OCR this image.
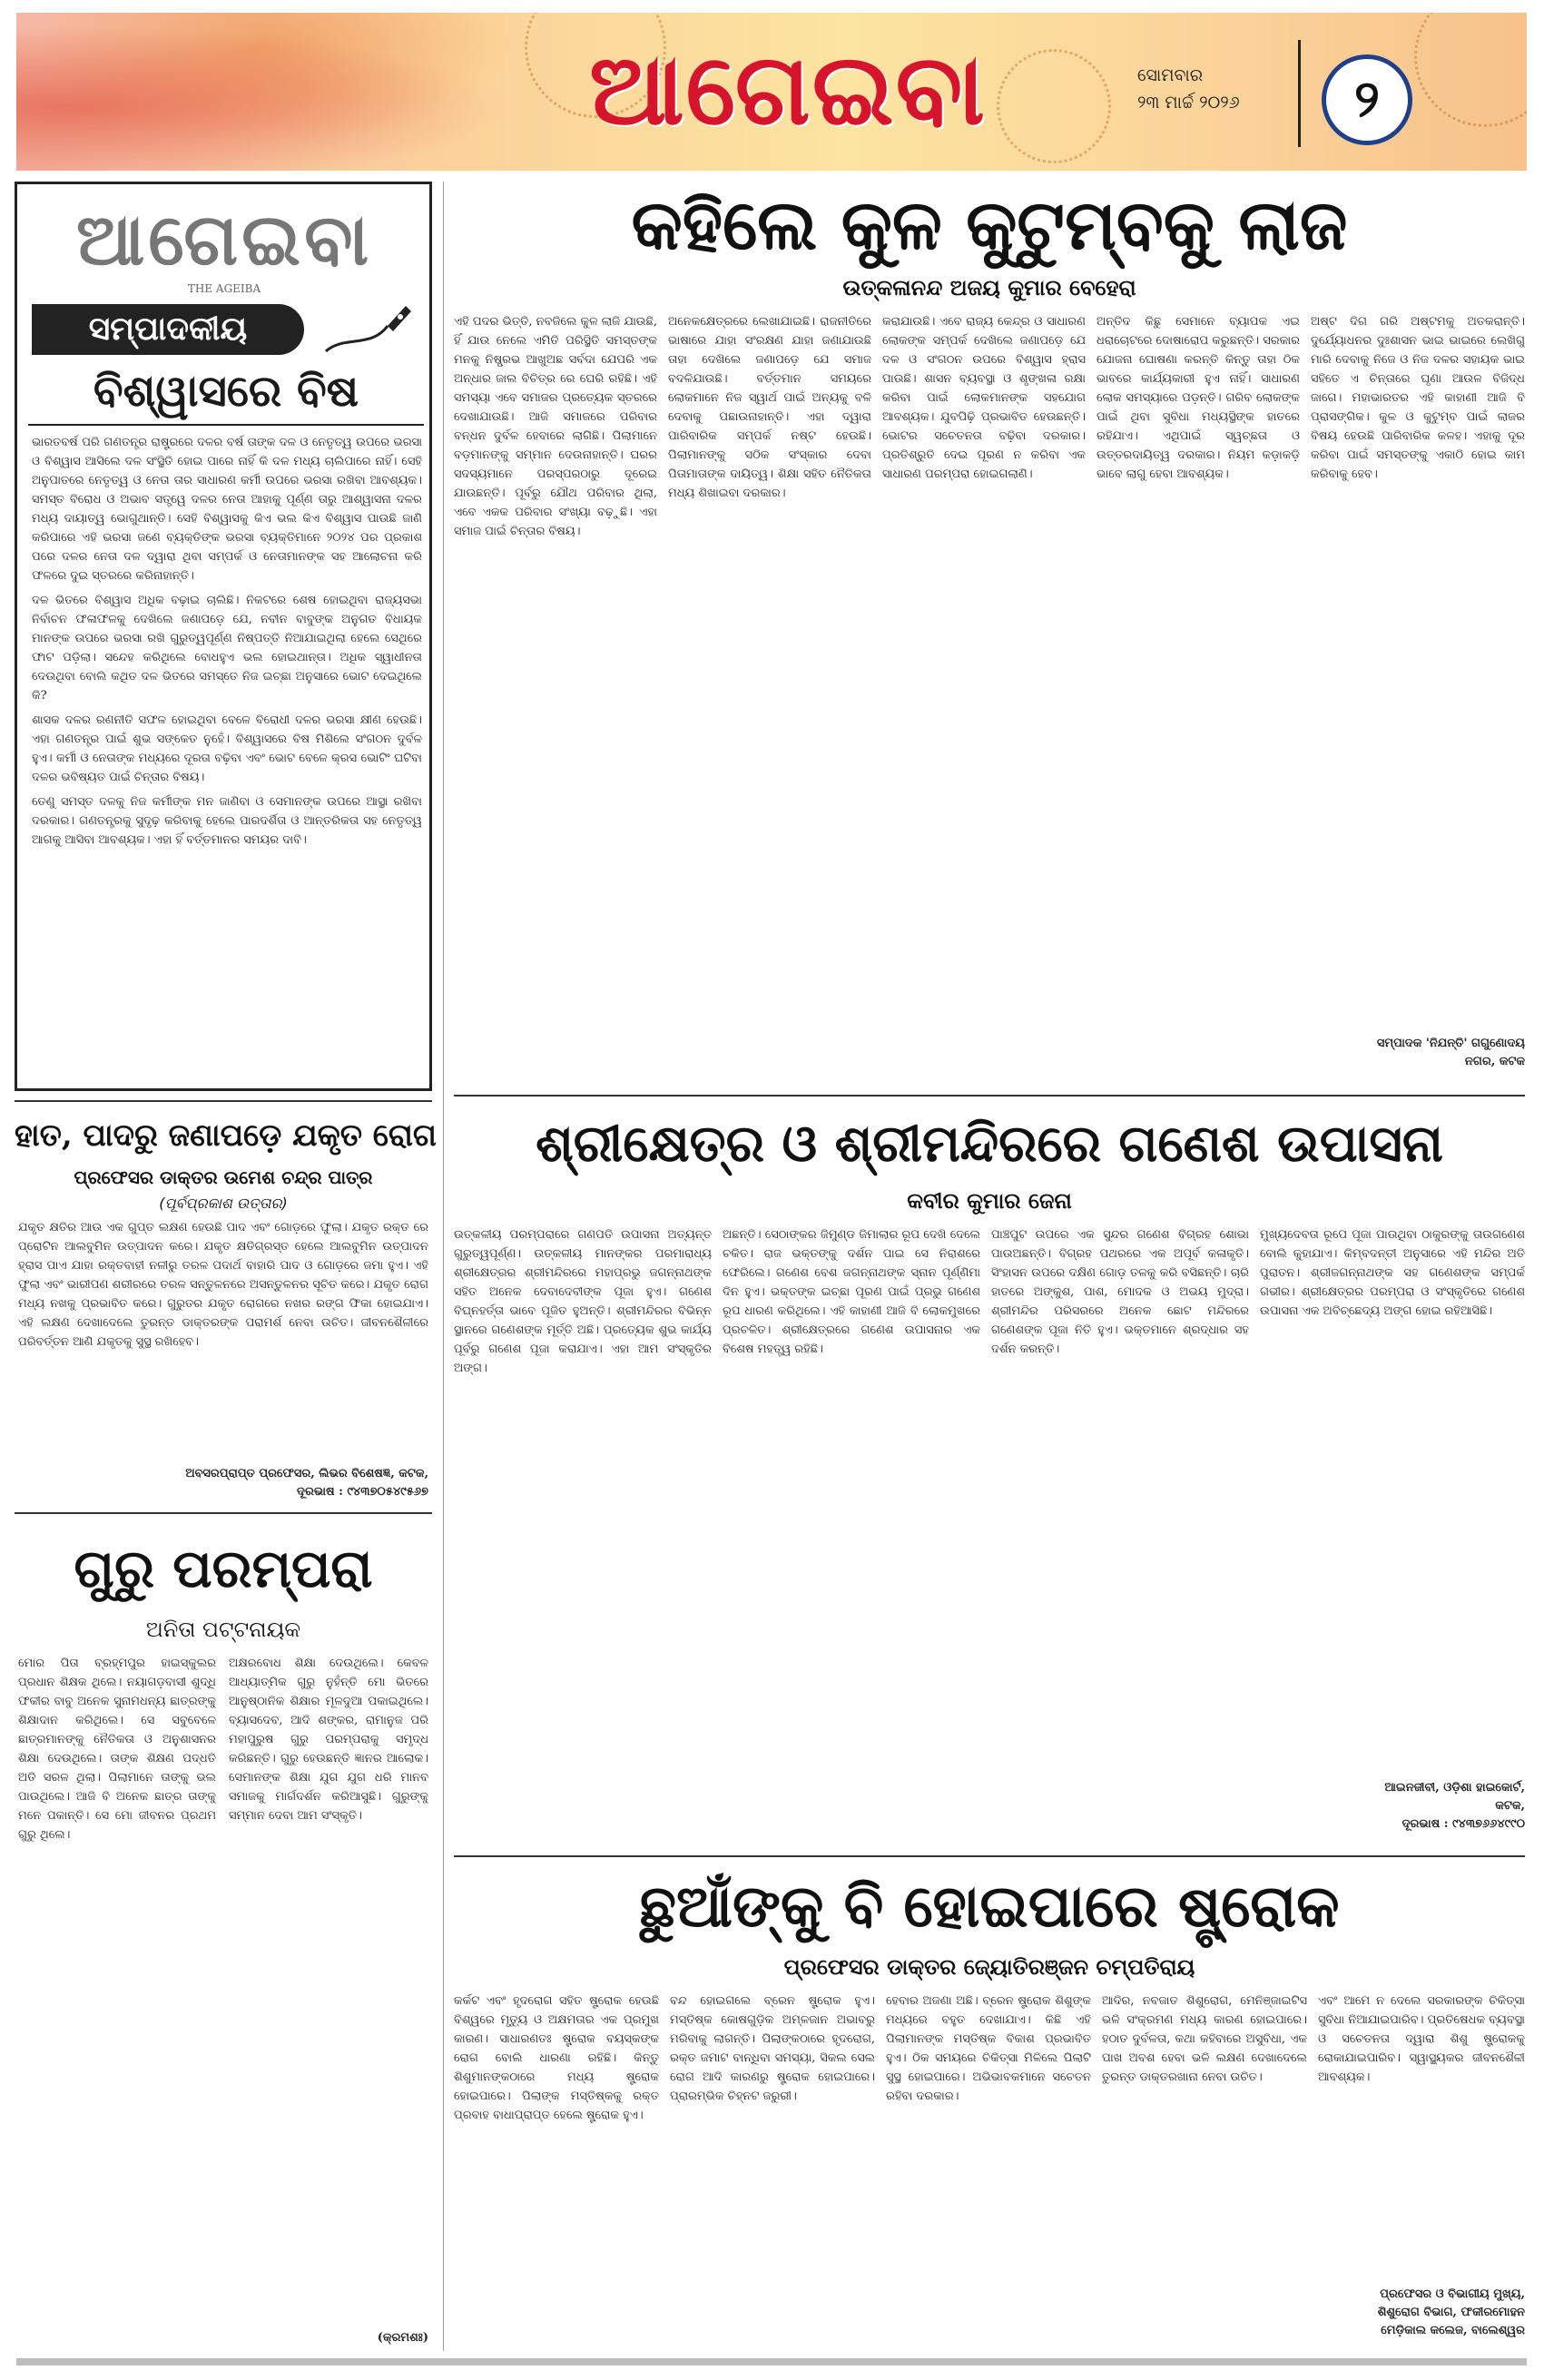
ଆଗେଇବା	ସୋମବାର
୨୩ ମାର୍ଚ୍ଚ ୨୦୨୬	୨
ଆଗେଇବା
THE AGEIBA
ସମ୍ପାଦକୀୟ
ବିଶ୍ୱାସରେ ବିଷ

ଭାରତବର୍ଷ ପରି ଗଣତନ୍ତ୍ର ରାଷ୍ଟ୍ରରେ ଦଳର ବର୍ଷ ତାଙ୍କ ଦଳ ଓ ନେତୃତ୍ୱ ଉପରେ ଭରସା ଓ ବିଶ୍ୱାସ ଆସିଲେ ଦଳ ସଂସ୍ଥିତି ହୋଇ ପାରେ ନାହିଁ କି ଦଳ ମଧ୍ୟ ଚାଲିପାରେ ନାହିଁ। ସେହି ଅନୁପାତରେ ନେତୃତ୍ୱ ଓ ନେତା ତାର ସାଧାରଣ କର୍ମୀ ଉପରେ ଭରସା ରଖିବା ଆବଶ୍ୟକ। ସମସ୍ତ ବିରୋଧ ଓ ଅଭାବ ସତ୍ତ୍ୱେ ଦଳର ନେତା ଆହାକୁ ପୂର୍ଣ୍ଣ ତାରୁ ଆଶ୍ୱାସନା ଦଳର ମଧ୍ୟ ଦାୟାତ୍ୱ ଭୋଗୁଥାନ୍ତି। ସେହି ବିଶ୍ୱାସକୁ କିଏ ଭଲ କିଏ ବିଶ୍ୱାସ ପାଉଛି ଜାଣି କରିପାରେ ଏହି ଭରସା ଜଣେ ବ୍ୟକ୍ତିଙ୍କ ଭରସା ବ୍ୟକ୍ତିମାନେ ୨୦୨୪ ପର ପ୍ରକାଶ ପରେ ଦଳର ନେତା ଦଳ ଦ୍ୱାରା ଥିବା ସମ୍ପର୍କ ଓ ନେତାମାନଙ୍କ ସହ ଆଲୋଚନା କରି ଫଳରେ ଦୁଇ ସ୍ତରରେ କରିନାହାନ୍ତି।

ଦଳ ଭିତରେ ବିଶ୍ୱାସ ଅଧିକ ବଢ଼ାଇ ଚାଲିଛି। ନିକଟରେ ଶେଷ ହୋଇଥିବା ରାଜ୍ୟସଭା ନିର୍ବାଚନ ଫଳାଫଳକୁ ଦେଖିଲେ ଜଣାପଡ଼େ ଯେ, ନବୀନ ବାବୁଙ୍କ ଅନୁଗତ ବିଧାୟକ ମାନଙ୍କ ଉପରେ ଭରସା ରଖି ଗୁରୁତ୍ୱପୂର୍ଣ୍ଣ ନିଷ୍ପତ୍ତି ନିଆଯାଇଥିଲା ହେଲେ ସେଥିରେ ଫାଟ ପଡ଼ିଲା। ସନ୍ଦେହ କରିଥିଲେ ବୋଧହୁଏ ଭଲ ହୋଇଥାନ୍ତା। ଅଧିକ ସ୍ୱାଧୀନତା ଦେଉଥିବା ବୋଲି କଥିତ ଦଳ ଭିତରେ ସମସ୍ତେ ନିଜ ଇଚ୍ଛା ଅନୁସାରେ ଭୋଟ ଦେଇଥିଲେ କି?

ଶାସକ ଦଳର ରଣନୀତି ସଫଳ ହୋଇଥିବା ବେଳେ ବିରୋଧୀ ଦଳର ଭରସା କ୍ଷୀଣ ହେଉଛି। ଏହା ଗଣତନ୍ତ୍ର ପାଇଁ ଶୁଭ ସଙ୍କେତ ନୁହେଁ। ବିଶ୍ୱାସରେ ବିଷ ମିଶିଲେ ସଂଗଠନ ଦୁର୍ବଳ ହୁଏ। କର୍ମୀ ଓ ନେତାଙ୍କ ମଧ୍ୟରେ ଦୂରତା ବଢ଼ିବା ଏବଂ ଭୋଟ ବେଳେ କ୍ରସ ଭୋଟିଂ ଘଟିବା ଦଳର ଭବିଷ୍ୟତ ପାଇଁ ଚିନ୍ତାର ବିଷୟ।

ତେଣୁ ସମସ୍ତ ଦଳକୁ ନିଜ କର୍ମୀଙ୍କ ମନ ଜାଣିବା ଓ ସେମାନଙ୍କ ଉପରେ ଆସ୍ଥା ରଖିବା ଦରକାର। ଗଣତନ୍ତ୍ରକୁ ସୁଦୃଢ଼ କରିବାକୁ ହେଲେ ପାରଦର୍ଶିତା ଓ ଆନ୍ତରିକତା ସହ ନେତୃତ୍ୱ ଆଗକୁ ଆସିବା ଆବଶ୍ୟକ। ଏହା ହିଁ ବର୍ତ୍ତମାନର ସମୟର ଦାବି।

କହିଲେ କୁଳ କୁଟୁମ୍ବକୁ ଲାଜ
ଉତ୍କଳାନନ୍ଦ ଅଜୟ କୁମାର ବେହେରା

ଏହି ପଦର ଭିତ୍ତି, ନବଜିଲେ କୁଳ ଲାଜି ଯାଉଛି, ହିଁ ଯାଉ ନେଲେ ଏମିତି ପରିସ୍ଥିତି ସମସ୍ତଙ୍କ ମନକୁ ନିଷ୍ପ୍ରଭ ଆଖୁଅଛ ସର୍ବଦା ଯେପରି ଏକ ଅନ୍ଧାର ଜାଲ ବିଚିତ୍ର ରେ ଘେରି ରହିଛି। ଏହି ସମସ୍ୟା ଏବେ ସମାଜର ପ୍ରତ୍ୟେକ ସ୍ତରରେ ଦେଖାଯାଉଛି। ଆଜି ସମାଜରେ ପରିବାର ବନ୍ଧନ ଦୁର୍ବଳ ହେବାରେ ଲାଗିଛି। ପିଲାମାନେ ବଡ଼ମାନଙ୍କୁ ସମ୍ମାନ ଦେଉନାହାନ୍ତି। ଘରର ସଦସ୍ୟମାନେ ପରସ୍ପରଠାରୁ ଦୂରେଇ ଯାଉଛନ୍ତି। ପୂର୍ବରୁ ଯୌଥ ପରିବାର ଥିଲା, ଏବେ ଏକକ ପରିବାର ସଂଖ୍ୟା ବଢ଼ୁଛି। ଏହା ସମାଜ ପାଇଁ ଚିନ୍ତାର ବିଷୟ।

ଅନେକକ୍ଷେତ୍ରରେ ଲେଖାଯାଇଛି। ରାଜନୀତିରେ ଭାଷାରେ ଯାହା ସଂରକ୍ଷଣ ଯାହା ଜଣାଯାଉଛି ତାହା ଦେଖିଲେ ଜଣାପଡ଼େ ଯେ ସମାଜ ବଦଳିଯାଉଛି। ବର୍ତ୍ତମାନ ସମୟରେ ଲୋକମାନେ ନିଜ ସ୍ୱାର୍ଥ ପାଇଁ ଅନ୍ୟକୁ ବଳି ଦେବାକୁ ପଛାଉନାହାନ୍ତି। ଏହା ଦ୍ୱାରା ପାରିବାରିକ ସମ୍ପର୍କ ନଷ୍ଟ ହେଉଛି। ପିଲାମାନଙ୍କୁ ସଠିକ ସଂସ୍କାର ଦେବା ପିତାମାତାଙ୍କ ଦାୟିତ୍ୱ। ଶିକ୍ଷା ସହିତ ନୈତିକତା ମଧ୍ୟ ଶିଖାଇବା ଦରକାର।

କରାଯାଉଛି। ଏବେ ରାଜ୍ୟ କେନ୍ଦ୍ର ଓ ସାଧାରଣ ଲୋକଙ୍କ ସମ୍ପର୍କ ଦେଖିଲେ ଜଣାପଡ଼େ ଯେ ଦଳ ଓ ସଂଗଠନ ଉପରେ ବିଶ୍ୱାସ ହ୍ରାସ ପାଉଛି। ଶାସନ ବ୍ୟବସ୍ଥା ଓ ଶୃଙ୍ଖଳା ରକ୍ଷା କରିବା ପାଇଁ ଲୋକମାନଙ୍କ ସହଯୋଗ ଆବଶ୍ୟକ। ଯୁବପିଢ଼ି ପ୍ରଭାବିତ ହେଉଛନ୍ତି। ଭୋଟର ସଚେତନତା ବଢ଼ିବା ଦରକାର। ପ୍ରତିଶ୍ରୁତି ଦେଇ ପୂରଣ ନ କରିବା ଏକ ସାଧାରଣ ପରମ୍ପରା ହୋଇଗଲାଣି।

ଅନ୍ତିଦ କିଛୁ ସେମାନେ ବ୍ୟାପକ ଏଇ ଧରାଚୋଟରେ ଦୋଷାରୋପ କରୁଛନ୍ତି। ସରକାର ଯୋଜନା ଘୋଷଣା କରନ୍ତି କିନ୍ତୁ ତାହା ଠିକ ଭାବରେ କାର୍ଯ୍ୟକାରୀ ହୁଏ ନାହିଁ। ସାଧାରଣ ଲୋକ ସମସ୍ୟାରେ ପଡ଼ନ୍ତି। ଗରିବ ଲୋକଙ୍କ ପାଇଁ ଥିବା ସୁବିଧା ମଧ୍ୟସ୍ଥିଙ୍କ ହାତରେ ରହିଯାଏ। ଏଥିପାଇଁ ସ୍ୱଚ୍ଛତା ଓ ଉତ୍ତରଦାୟିତ୍ୱ ଦରକାର। ନିୟମ କଡ଼ାକଡ଼ି ଭାବେ ଲାଗୁ ହେବା ଆବଶ୍ୟକ।

ଅଷ୍ଟ ଦିଗ ଗରି ଅଷ୍ଟମକୁ ଅତକରାନ୍ତି। ଦୁର୍ଯ୍ୟୋଧନର ଦୁଃଶାସନ ଭାଇ ଭାଇରେ ଲେଖିଗୁ ମାରି ଦେବାକୁ ନିଜେ ଓ ନିଜ ଦଳର ସହାୟକ ଭାଇ ସହିତେ ଏ ଚିନ୍ତାରେ ଘୃଣା ଆଉଳ ବିଜିଦ୍ଧ ଜାଗେ। ମହାଭାରତର ଏହି କାହାଣୀ ଆଜି ବି ପ୍ରାସଙ୍ଗିକ। କୁଳ ଓ କୁଟୁମ୍ବ ପାଇଁ ଲାଜର ବିଷୟ ହେଉଛି ପାରିବାରିକ କଳହ। ଏହାକୁ ଦୂର କରିବା ପାଇଁ ସମସ୍ତଙ୍କୁ ଏକାଠି ହୋଇ କାମ କରିବାକୁ ହେବ।

ସମ୍ପାଦକ 'ନିଯନ୍ତି' ଗଗୁଣୋଦୟ
ନଗର, କଟକ
ହାତ, ପାଦରୁ ଜଣାପଡ଼େ ଯକୃତ ରୋଗ
ପ୍ରଫେସର ଡାକ୍ତର ଉମେଶ ଚନ୍ଦ୍ର ପାତ୍ର
(ପୂର୍ବପ୍ରକାଶ ଉତ୍ତାର)

ଯକୃତ କ୍ଷତିର ଆଉ ଏକ ଗୁପ୍ତ ଲକ୍ଷଣ ହେଉଛି ପାଦ ଏବଂ ଗୋଡ଼ରେ ଫୁଲା। ଯକୃତ ରକ୍ତ ରେ ପ୍ରୋଟିନ ଆଲବୁମିନ ଉତ୍ପାଦନ କରେ। ଯକୃତ କ୍ଷତିଗ୍ରସ୍ତ ହେଲେ ଆଲବୁମିନ ଉତ୍ପାଦନ ହ୍ରାସ ପାଏ ଯାହା ରକ୍ତବାହୀ ନଳୀରୁ ତରଳ ପଦାର୍ଥ ବାହାରି ପାଦ ଓ ଗୋଡ଼ରେ ଜମା ହୁଏ। ଏହି ଫୁଲା ଏବଂ ଭାରୀପଣ ଶରୀରରେ ତରଳ ସନ୍ତୁଳନରେ ଅସନ୍ତୁଳନର ସୂଚିତ କରେ। ଯକୃତ ରୋଗ ମଧ୍ୟ ନଖକୁ ପ୍ରଭାବିତ କରେ। ଗୁରୁତର ଯକୃତ ରୋଗରେ ନଖର ରଙ୍ଗ ଫିକା ହୋଇଯାଏ। ଏହି ଲକ୍ଷଣ ଦେଖାଦେଲେ ତୁରନ୍ତ ଡାକ୍ତରଙ୍କ ପରାମର୍ଶ ନେବା ଉଚିତ। ଜୀବନଶୈଳୀରେ ପରିବର୍ତ୍ତନ ଆଣି ଯକୃତକୁ ସୁସ୍ଥ ରଖିହେବ।

ଅବସରପ୍ରାପ୍ତ ପ୍ରଫେସର, ଲିଭର ବିଶେଷଜ୍ଞ, କଟକ,
ଦୂରଭାଷ : ୯୪୩୭୦୫୪୯୫୬୭
ଗୁରୁ ପରମ୍ପରା
ଅନିତା ପଟ୍ଟନାୟକ

ମୋର ପିତା ବ୍ରହ୍ମପୁର ହାଇସ୍କୁଲର ପ୍ରଧାନ ଶିକ୍ଷକ ଥିଲେ। ନୟାଗଡ଼ବାସୀ ଶୁଦ୍ଧି ଫକୀର ବାବୁ ଅନେକ ସୁନାମଧନ୍ୟ ଛାତ୍ରଙ୍କୁ ଶିକ୍ଷାଦାନ କରିଥିଲେ। ସେ ସବୁବେଳେ ଛାତ୍ରମାନଙ୍କୁ ନୈତିକତା ଓ ଅନୁଶାସନର ଶିକ୍ଷା ଦେଉଥିଲେ। ତାଙ୍କ ଶିକ୍ଷଣ ପଦ୍ଧତି ଅତି ସରଳ ଥିଲା। ପିଲାମାନେ ତାଙ୍କୁ ଭଲ ପାଉଥିଲେ। ଆଜି ବି ଅନେକ ଛାତ୍ର ତାଙ୍କୁ ମନେ ପକାନ୍ତି। ସେ ମୋ ଜୀବନର ପ୍ରଥମ ଗୁରୁ ଥିଲେ।

ଅକ୍ଷରବୋଧ ଶିକ୍ଷା ଦେଉଥିଲେ। କେବଳ ଆଧ୍ୟାତ୍ମିକ ଗୁରୁ ନୁହଁନ୍ତି ମୋ ଭିତରେ ଆନୁଷ୍ଠାନିକ ଶିକ୍ଷାର ମୂଳଦୁଆ ପକାଇଥିଲେ। ବ୍ୟାସଦେବ, ଆଦି ଶଙ୍କର, ରାମାନୁଜ ପରି ମହାପୁରୁଷ ଗୁରୁ ପରମ୍ପରାକୁ ସମୃଦ୍ଧ କରିଛନ୍ତି। ଗୁରୁ ହେଉଛନ୍ତି ଜ୍ଞାନର ଆଲୋକ। ସେମାନଙ୍କ ଶିକ୍ଷା ଯୁଗ ଯୁଗ ଧରି ମାନବ ସମାଜକୁ ମାର୍ଗଦର୍ଶନ କରିଆସୁଛି। ଗୁରୁଙ୍କୁ ସମ୍ମାନ ଦେବା ଆମ ସଂସ୍କୃତି।

(କ୍ରମଶଃ)
ଶ୍ରୀକ୍ଷେତ୍ର ଓ ଶ୍ରୀମନ୍ଦିରରେ ଗଣେଶ ଉପାସନା
କବୀର କୁମାର ଜେନା

ଉତ୍କଳୀୟ ପରମ୍ପରାରେ ଗଣପତି ଉପାସନା ଅତ୍ୟନ୍ତ ଗୁରୁତ୍ୱପୂର୍ଣ୍ଣ। ଉତ୍କଳୀୟ ମାନଙ୍କର ପରମାରାଧ୍ୟ ଶ୍ରୀକ୍ଷେତ୍ରର ଶ୍ରୀମନ୍ଦିରରେ ମହାପ୍ରଭୁ ଜଗନ୍ନାଥଙ୍କ ସହିତ ଅନେକ ଦେବାଦେବୀଙ୍କ ପୂଜା ହୁଏ। ଗଣେଶ ବିଘ୍ନହର୍ତ୍ତା ଭାବେ ପୂଜିତ ହୁଅନ୍ତି। ଶ୍ରୀମନ୍ଦିରର ବିଭିନ୍ନ ସ୍ଥାନରେ ଗଣେଶଙ୍କ ମୂର୍ତ୍ତି ଅଛି। ପ୍ରତ୍ୟେକ ଶୁଭ କାର୍ଯ୍ୟ ପୂର୍ବରୁ ଗଣେଶ ପୂଜା କରାଯାଏ। ଏହା ଆମ ସଂସ୍କୃତିର ଅଙ୍ଗ।

ଅଛନ୍ତି। ସେଠାଙ୍କର ଜିମୁଣ୍ଡ ଜିମାଲାର ରୂପ ଦେଖି ଦେଲେ ଚକିତ। ରାଜ ଭକ୍ତଙ୍କୁ ଦର୍ଶନ ପାଇ ସେ ନିରାଶରେ ଫେରିଲେ। ଗଣେଶ ବେଶ ଜଗନ୍ନାଥଙ୍କ ସ୍ନାନ ପୂର୍ଣ୍ଣିମା ଦିନ ହୁଏ। ଭକ୍ତଙ୍କ ଇଚ୍ଛା ପୂରଣ ପାଇଁ ପ୍ରଭୁ ଗଣେଶ ରୂପ ଧାରଣ କରିଥିଲେ। ଏହି କାହାଣୀ ଆଜି ବି ଲୋକମୁଖରେ ପ୍ରଚଳିତ। ଶ୍ରୀକ୍ଷେତ୍ରରେ ଗଣେଶ ଉପାସନାର ଏକ ବିଶେଷ ମହତ୍ତ୍ୱ ରହିଛି।

ପାଞ୍ଚପୁଟ ଉପରେ ଏକ ସୁନ୍ଦର ଗଣେଶ ବିଗ୍ରହ ଶୋଭା ପାଉଅଛନ୍ତି। ବିଗ୍ରହ ପଥରରେ ଏକ ଅପୂର୍ବ କଳାକୃତି। ସିଂହାସନ ଉପରେ ଦକ୍ଷିଣ ଗୋଡ଼ ତଳକୁ କରି ବସିଛନ୍ତି। ଚାରି ହାତରେ ଅଙ୍କୁଶ, ପାଶ, ମୋଦକ ଓ ଅଭୟ ମୁଦ୍ରା। ଶ୍ରୀମନ୍ଦିର ପରିସରରେ ଅନେକ ଛୋଟ ମନ୍ଦିରରେ ଗଣେଶଙ୍କ ପୂଜା ନିତି ହୁଏ। ଭକ୍ତମାନେ ଶ୍ରଦ୍ଧାର ସହ ଦର୍ଶନ କରନ୍ତି।

ମୁଖ୍ୟଦେବତା ରୂପେ ପୂଜା ପାଉଥିବା ଠାକୁରଙ୍କୁ ତାଉଗଣେଶ ବୋଲି କୁହାଯାଏ। କିମ୍ବଦନ୍ତୀ ଅନୁସାରେ ଏହି ମନ୍ଦିର ଅତି ପୁରାତନ। ଶ୍ରୀଜଗନ୍ନାଥଙ୍କ ସହ ଗଣେଶଙ୍କ ସମ୍ପର୍କ ଗଭୀର। ଶ୍ରୀକ୍ଷେତ୍ରର ପରମ୍ପରା ଓ ସଂସ୍କୃତିରେ ଗଣେଶ ଉପାସନା ଏକ ଅବିଚ୍ଛେଦ୍ୟ ଅଙ୍ଗ ହୋଇ ରହିଆସିଛି।

ଆଇନଜୀବୀ, ଓଡ଼ିଶା ହାଇକୋର୍ଟ,
କଟକ,
ଦୂରଭାଷ : ୯୪୩୭୬୬୪୯୯୦
ଛୁଆଁଙ୍କୁ ବି ହୋଇପାରେ ଷ୍ଟ୍ରୋକ
ପ୍ରଫେସର ଡାକ୍ତର ଜ୍ୟୋତିରଞ୍ଜନ ଚମ୍ପତିରାୟ

କର୍କଟ ଏବଂ ହୃଦରୋଗ ସହିତ ଷ୍ଟ୍ରୋକ ହେଉଛି ବିଶ୍ୱରେ ମୃତ୍ୟୁ ଓ ଅକ୍ଷମତାର ଏକ ପ୍ରମୁଖ କାରଣ। ସାଧାରଣତଃ ଷ୍ଟ୍ରୋକ ବୟସ୍କଙ୍କ ରୋଗ ବୋଲି ଧାରଣା ରହିଛି। କିନ୍ତୁ ଶିଶୁମାନଙ୍କଠାରେ ମଧ୍ୟ ଷ୍ଟ୍ରୋକ ହୋଇପାରେ। ପିଲାଙ୍କ ମସ୍ତିଷ୍କକୁ ରକ୍ତ ପ୍ରବାହ ବାଧାପ୍ରାପ୍ତ ହେଲେ ଷ୍ଟ୍ରୋକ ହୁଏ।

ବନ୍ଦ ହୋଇଗଲେ ବ୍ରେନ ଷ୍ଟ୍ରୋକ ହୁଏ। ମସ୍ତିଷ୍କ କୋଷଗୁଡ଼ିକ ଅମ୍ଳଜାନ ଅଭାବରୁ ମରିବାକୁ ଲାଗନ୍ତି। ପିଲାଙ୍କଠାରେ ହୃଦରୋଗ, ରକ୍ତ ଜମାଟ ବାନ୍ଧିବା ସମସ୍ୟା, ସିକଲ ସେଲ ରୋଗ ଆଦି କାରଣରୁ ଷ୍ଟ୍ରୋକ ହୋଇପାରେ। ପ୍ରାରମ୍ଭିକ ଚିହ୍ନଟ ଜରୁରୀ।

ହେବାର ଅଜଣା ଅଛି। ବ୍ରେନ ଷ୍ଟ୍ରୋକ ଶିଶୁଙ୍କ ମଧ୍ୟରେ ବହୁତ ଦେଖାଯାଏ। କିଛି ଏହି ପିଲାମାନଙ୍କ ମସ୍ତିଷ୍କ ବିକାଶ ପ୍ରଭାବିତ ହୁଏ। ଠିକ ସମୟରେ ଚିକିତ୍ସା ମିଳିଲେ ପିଲାଟି ସୁସ୍ଥ ହୋଇପାରେ। ଅଭିଭାବକମାନେ ସଚେତନ ରହିବା ଦରକାର।

ଆଦିର, ନବଜାତ ଶିଶୁରୋଗ, ମେନିଞ୍ଜାଇଟିସ ଭଳି ସଂକ୍ରମଣ ମଧ୍ୟ କାରଣ ହୋଇପାରେ। ହଠାତ ଦୁର୍ବଳତା, କଥା କହିବାରେ ଅସୁବିଧା, ଏକ ପାଖ ଅବଶ ହେବା ଭଳି ଲକ୍ଷଣ ଦେଖାଦେଲେ ତୁରନ୍ତ ଡାକ୍ତରଖାନା ନେବା ଉଚିତ।

ଏବଂ ଆମେ ନ ଦେଲେ ସରକାରଙ୍କ ଚିକିତ୍ସା ସୁବିଧା ନିଆଯାଇପାରିବ। ପ୍ରତିଷେଧକ ବ୍ୟବସ୍ଥା ଓ ସଚେତନତା ଦ୍ୱାରା ଶିଶୁ ଷ୍ଟ୍ରୋକକୁ ରୋକାଯାଇପାରିବ। ସ୍ୱାସ୍ଥ୍ୟକର ଜୀବନଶୈଳୀ ଆବଶ୍ୟକ।

ପ୍ରଫେସର ଓ ବିଭାଗୀୟ ମୁଖ୍ୟ,
ଶିଶୁରୋଗ ବିଭାଗ, ଫକୀରମୋହନ
ମେଡ଼ିକାଲ କଲେଜ, ବାଲେଶ୍ୱର
